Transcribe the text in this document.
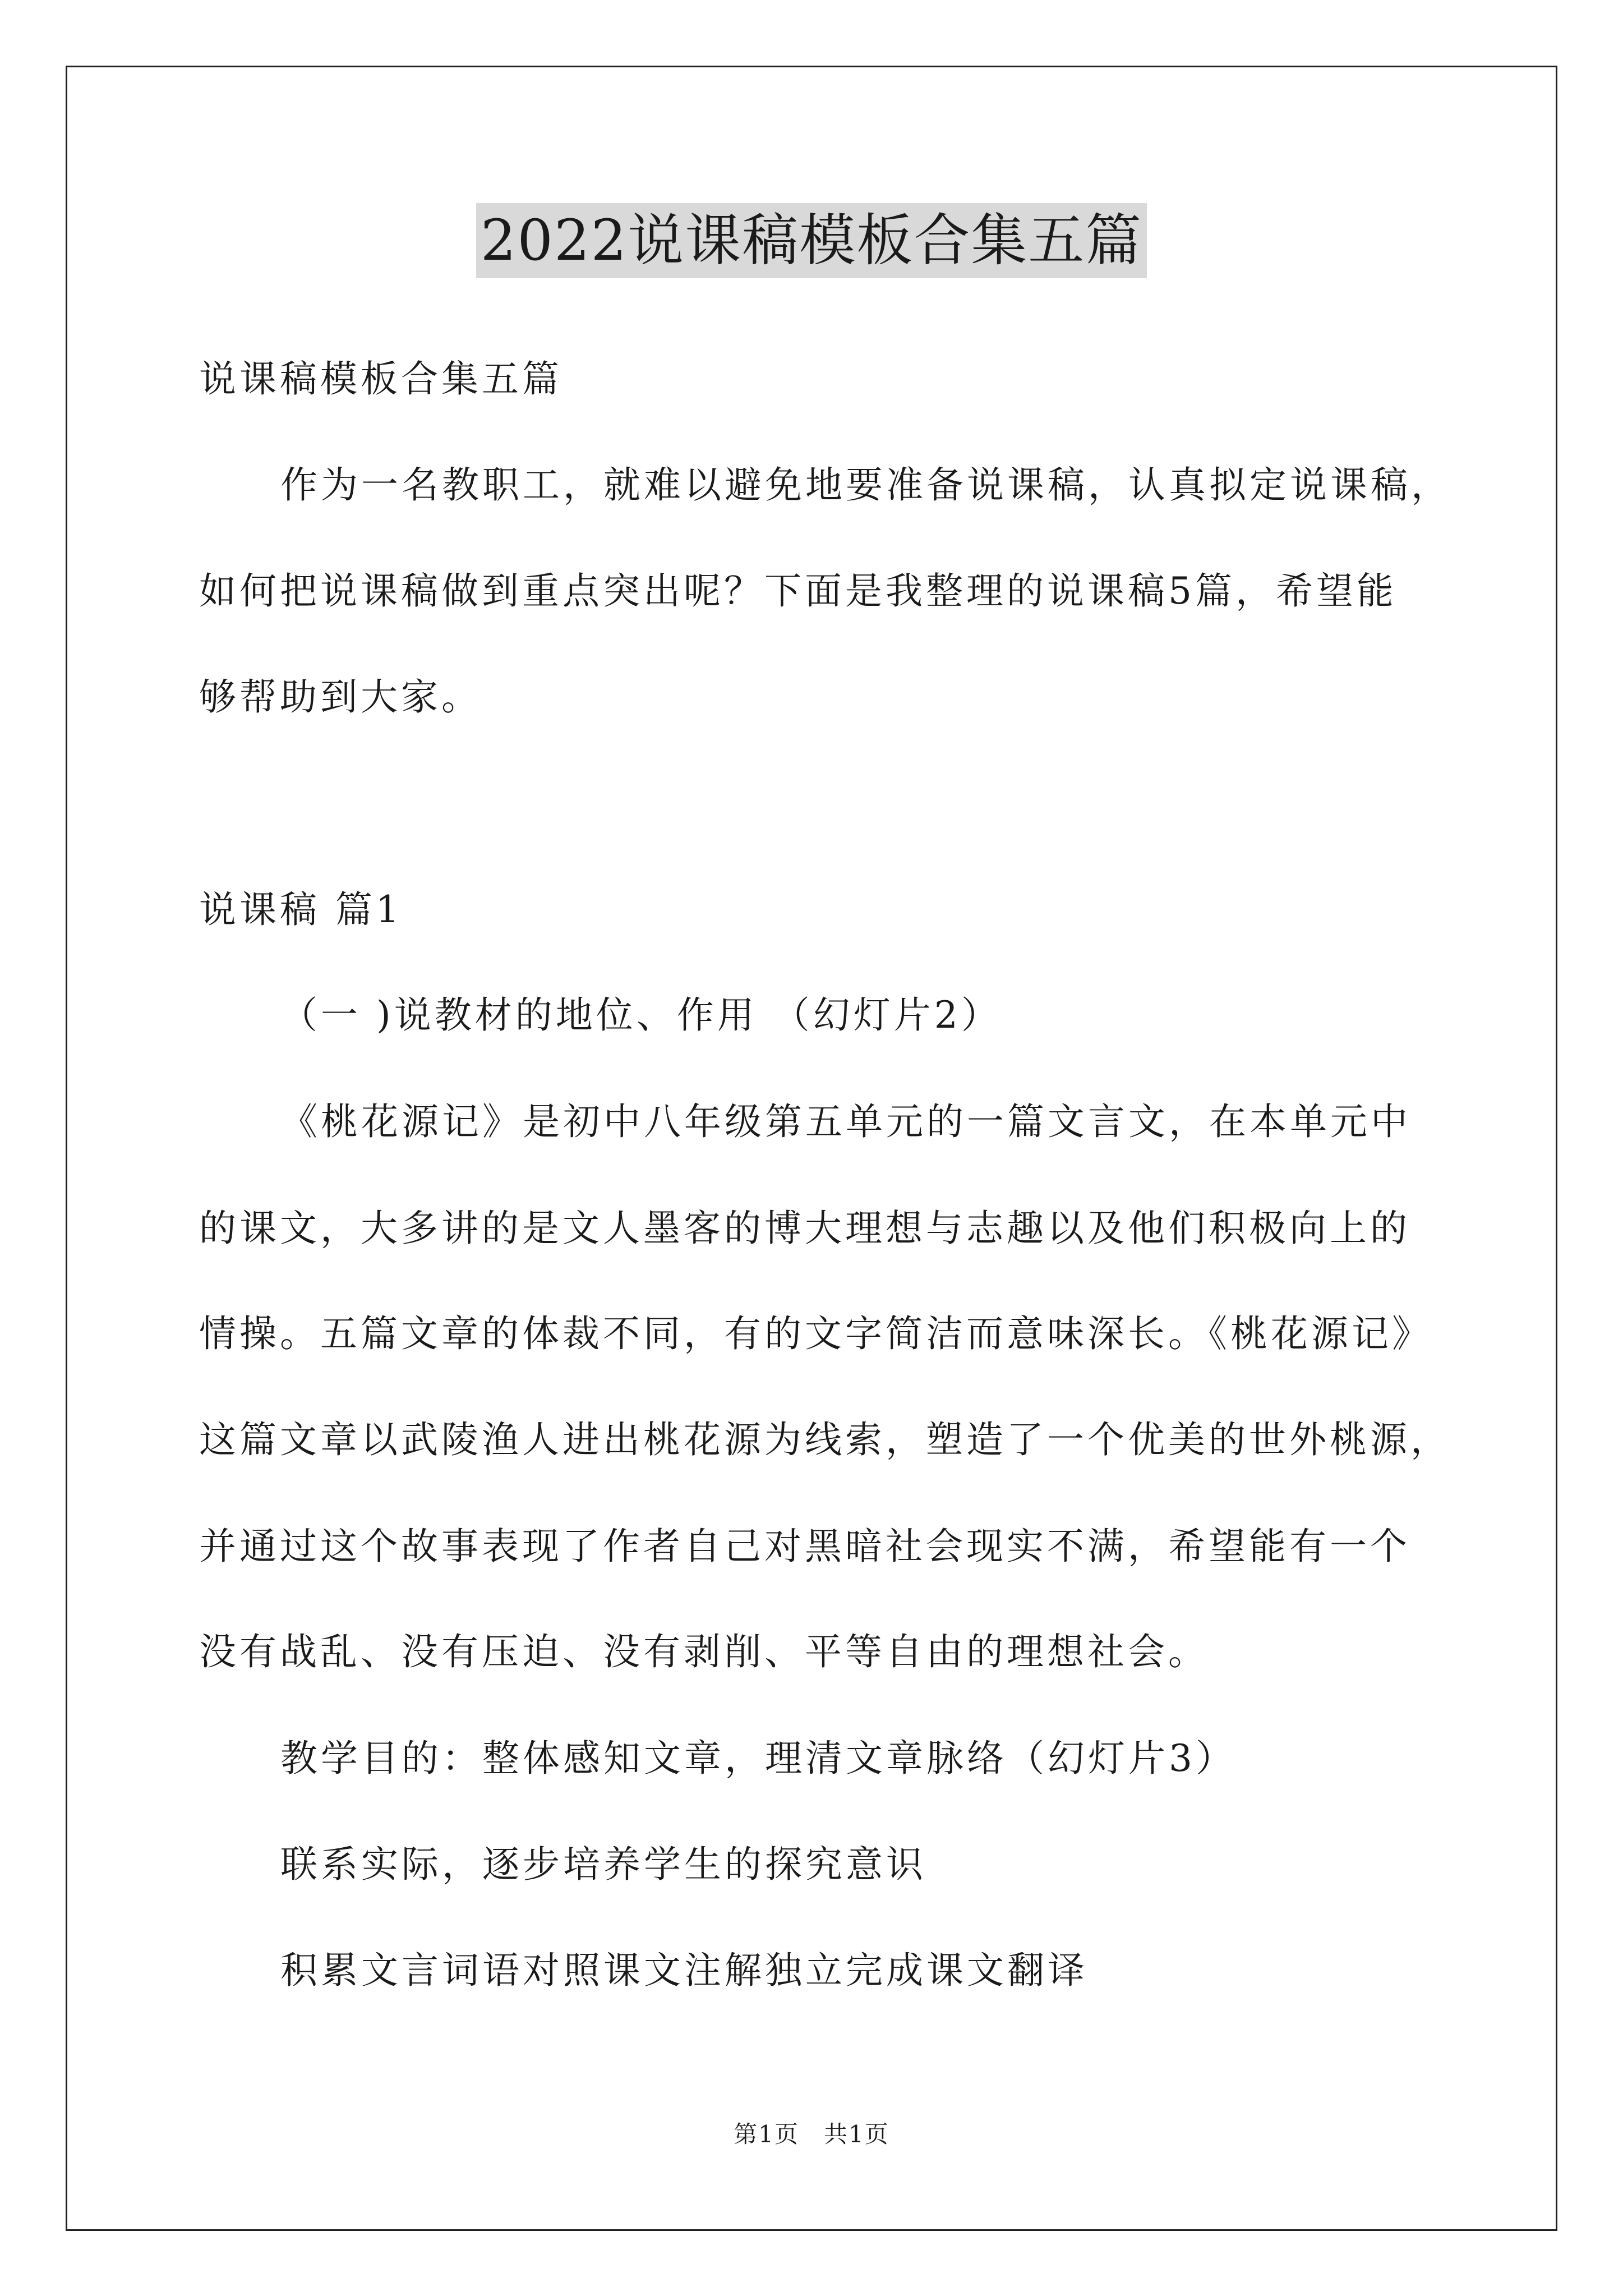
2022说课稿模板合集五篇
说课稿模板合集五篇
作为一名教职工，就难以避免地要准备说课稿，认真拟定说课稿，
如何把说课稿做到重点突出呢？下面是我整理的说课稿5篇，希望能
够帮助到大家。
说课稿 篇1
（一 )说教材的地位、作用 （幻灯片2）
《桃花源记》是初中八年级第五单元的一篇文言文，在本单元中
的课文，大多讲的是文人墨客的博大理想与志趣以及他们积极向上的
情操。五篇文章的体裁不同，有的文字简洁而意味深长。《桃花源记》
这篇文章以武陵渔人进出桃花源为线索，塑造了一个优美的世外桃源，
并通过这个故事表现了作者自己对黑暗社会现实不满，希望能有一个
没有战乱、没有压迫、没有剥削、平等自由的理想社会。
教学目的：整体感知文章，理清文章脉络（幻灯片3）
联系实际，逐步培养学生的探究意识
积累文言词语对照课文注解独立完成课文翻译
第1页　共1页
